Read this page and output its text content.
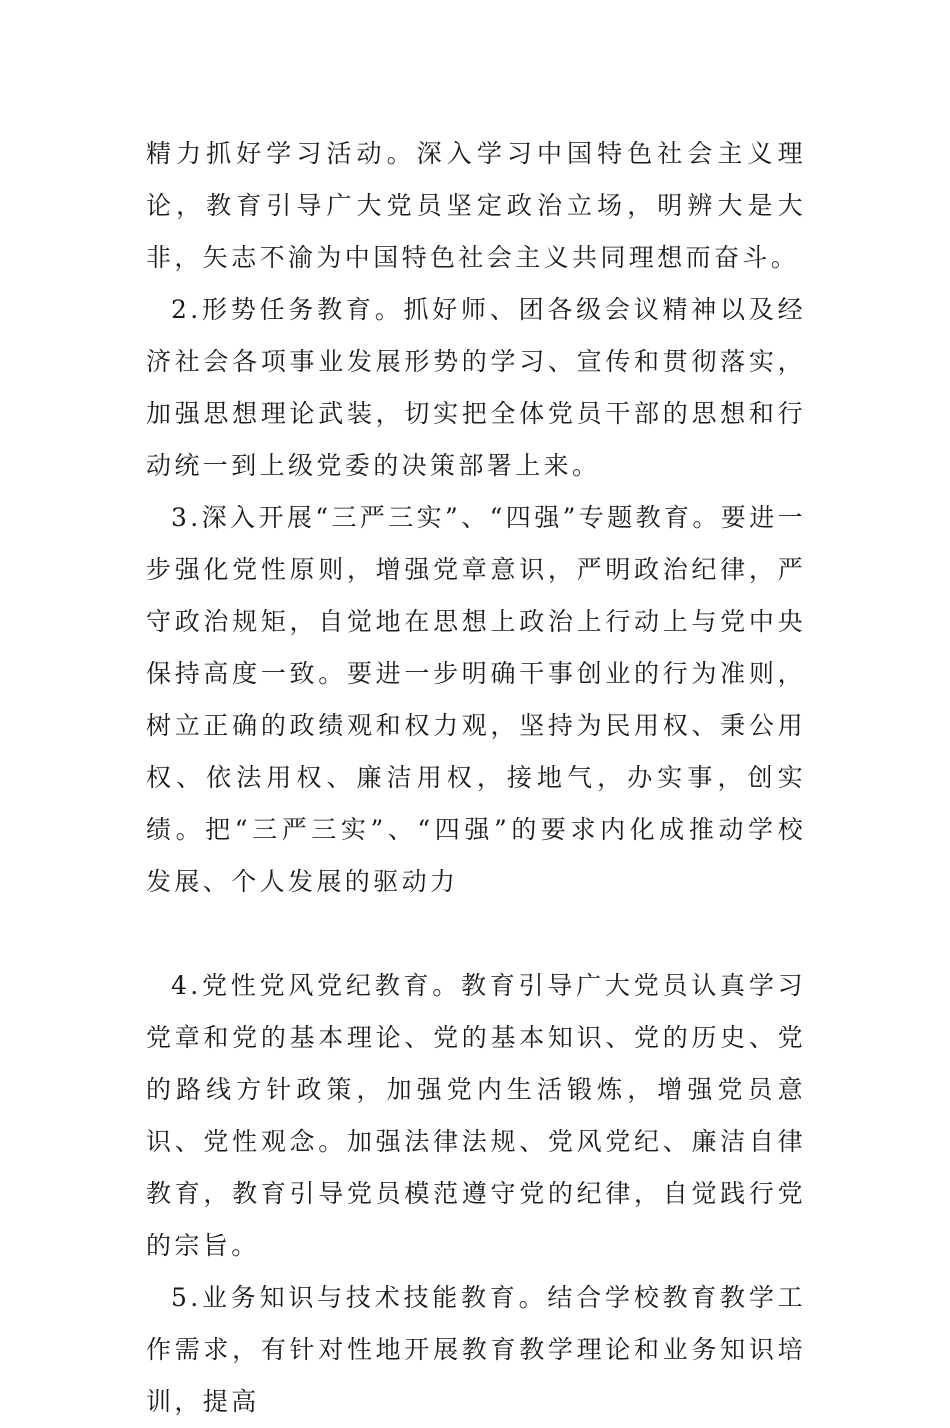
精力抓好学习活动。深入学习中国特色社会主义理论，教育引导广大党员坚定政治立场，明辨大是大非，矢志不渝为中国特色社会主义共同理想而奋斗。

2.形势任务教育。抓好师、团各级会议精神以及经济社会各项事业发展形势的学习、宣传和贯彻落实，加强思想理论武装，切实把全体党员干部的思想和行动统一到上级党委的决策部署上来。

3.深入开展“三严三实”、“四强”专题教育。要进一步强化党性原则，增强党章意识，严明政治纪律，严守政治规矩，自觉地在思想上政治上行动上与党中央保持高度一致。要进一步明确干事创业的行为准则，树立正确的政绩观和权力观，坚持为民用权、秉公用权、依法用权、廉洁用权，接地气，办实事，创实绩。把“三严三实”、“四强”的要求内化成推动学校发展、个人发展的驱动力

4.党性党风党纪教育。教育引导广大党员认真学习党章和党的基本理论、党的基本知识、党的历史、党的路线方针政策，加强党内生活锻炼，增强党员意识、党性观念。加强法律法规、党风党纪、廉洁自律教育，教育引导党员模范遵守党的纪律，自觉践行党的宗旨。

5.业务知识与技术技能教育。结合学校教育教学工作需求，有针对性地开展教育教学理论和业务知识培训，提高
